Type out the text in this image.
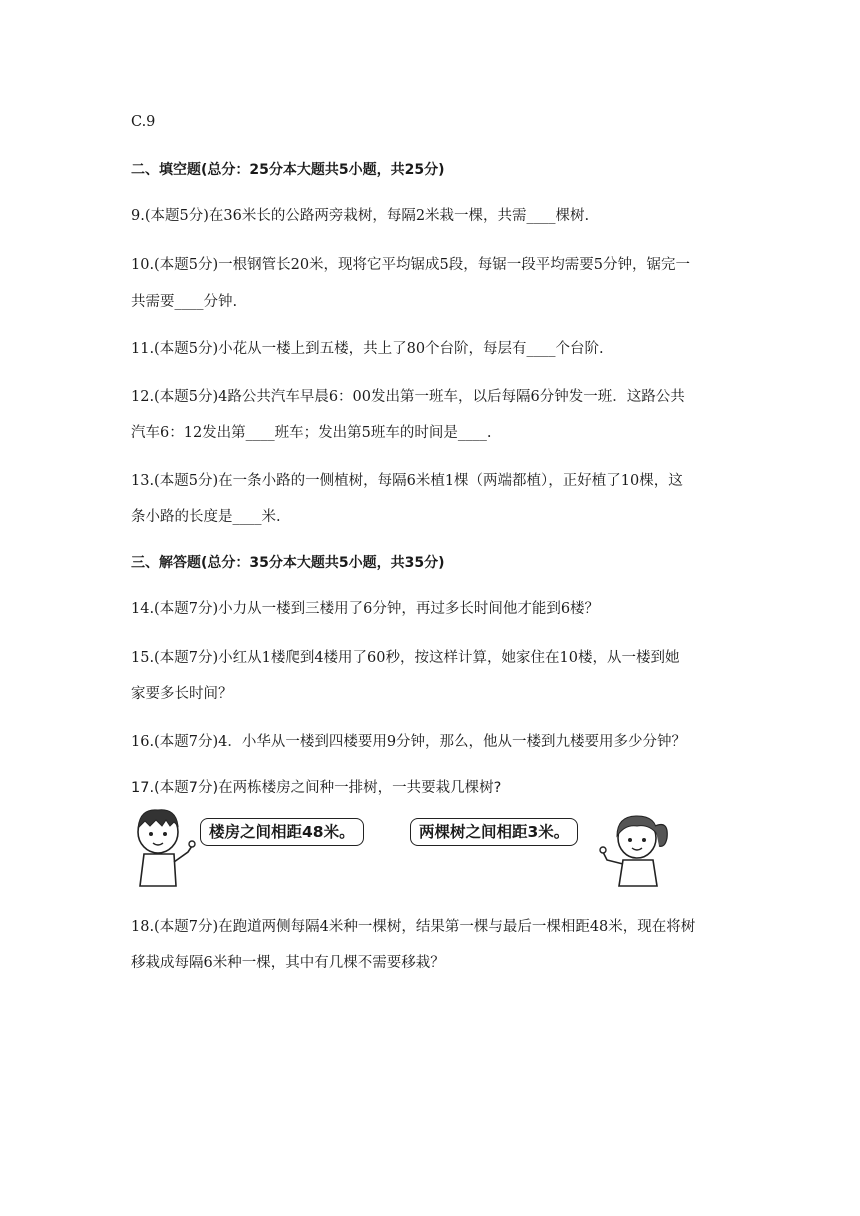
C.9
二、填空题(总分：25分本大题共5小题，共25分)
9.(本题5分)在36米长的公路两旁栽树，每隔2米栽一棵，共需____棵树.
10.(本题5分)一根钢管长20米，现将它平均锯成5段，每锯一段平均需要5分钟，锯完一
共需要____分钟.
11.(本题5分)小花从一楼上到五楼，共上了80个台阶，每层有____个台阶.
12.(本题5分)4路公共汽车早晨6：00发出第一班车，以后每隔6分钟发一班．这路公共
汽车6：12发出第____班车；发出第5班车的时间是____.
13.(本题5分)在一条小路的一侧植树，每隔6米植1棵（两端都植），正好植了10棵，这
条小路的长度是____米.
三、解答题(总分：35分本大题共5小题，共35分)
14.(本题7分)小力从一楼到三楼用了6分钟，再过多长时间他才能到6楼？
15.(本题7分)小红从1楼爬到4楼用了60秒，按这样计算，她家住在10楼，从一楼到她
家要多长时间？
16.(本题7分)4．小华从一楼到四楼要用9分钟，那么，他从一楼到九楼要用多少分钟？
17.(本题7分)在两栋楼房之间种一排树，一共要栽几棵树?
楼房之间相距48米。	两棵树之间相距3米。
18.(本题7分)在跑道两侧每隔4米种一棵树，结果第一棵与最后一棵相距48米，现在将树
移栽成每隔6米种一棵，其中有几棵不需要移栽？
